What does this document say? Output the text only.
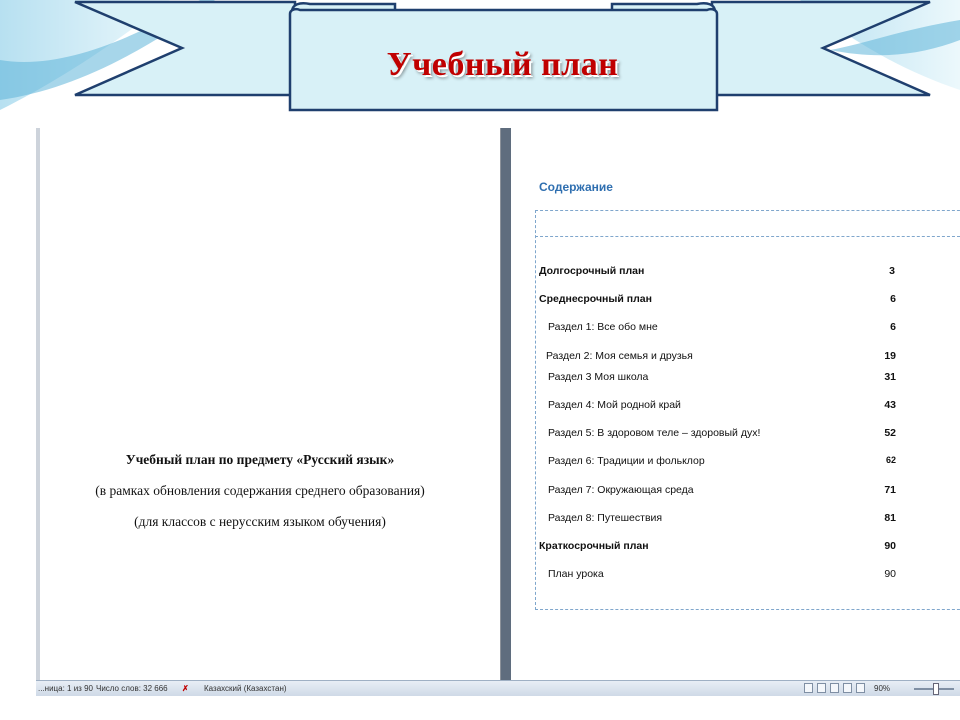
Учебный план
Учебный план по предмету «Русский язык»
(в рамках обновления содержания среднего образования)
(для классов с нерусским языком обучения)
Содержание
Долгосрочный план	3
Среднесрочный план	6
Раздел 1: Все обо мне	6
Раздел 2: Моя семья и друзья	19
Раздел 3 Моя школа	31
Раздел 4: Мой родной край	43
Раздел 5: В здоровом теле – здоровый дух!	52
Раздел 6: Традиции и фольклор	62
Раздел 7: Окружающая среда	71
Раздел 8: Путешествия	81
Краткосрочный план	90
План урока	90
...ница: 1 из 90 Число слов: 32 666 ✗ Казахский (Казахстан)	90%
